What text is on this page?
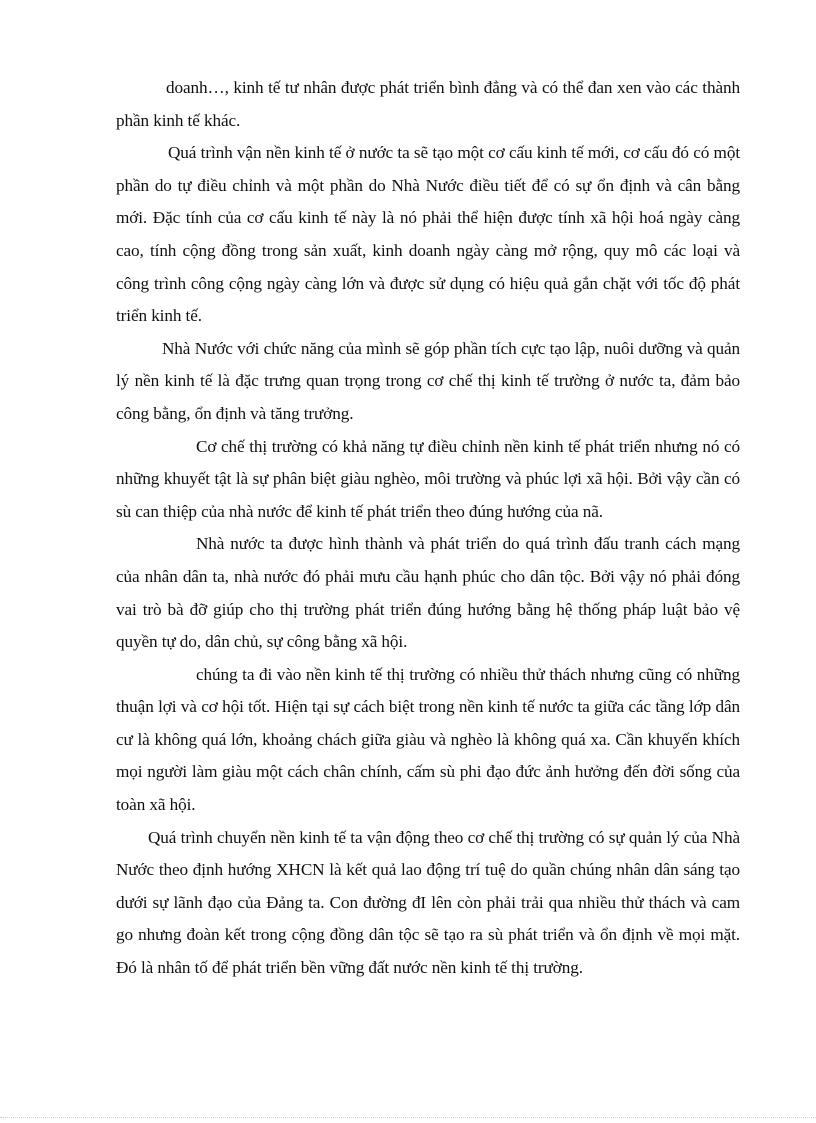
doanh…, kinh tế tư nhân được phát triển bình đẳng và có thể đan xen vào các thành phần kinh tế khác.

Quá trình vận nền kinh tế ở nước ta sẽ tạo một cơ cấu kinh tế mới, cơ cấu đó có một phần do tự điều chỉnh và một phần do Nhà Nước điều tiết để có sự ổn định và cân bằng mới. Đặc tính của cơ cấu kinh tế này là nó phải thể hiện được tính xã hội hoá ngày càng cao, tính cộng đồng trong sản xuất, kinh doanh ngày càng mở rộng, quy mô các loại và công trình công cộng ngày càng lớn và được sử dụng có hiệu quả gắn chặt với tốc độ phát triển kinh tế.

Nhà Nước với chức năng của mình sẽ góp phần tích cực tạo lập, nuôi dưỡng và quản lý nền kinh tế là đặc trưng quan trọng trong cơ chế thị kinh tế trường ở nước ta, đảm bảo công bằng, ổn định và tăng trưởng.

Cơ chế thị trường có khả năng tự điều chỉnh nền kinh tế phát triển nhưng nó có những khuyết tật là sự phân biệt giàu nghèo, môi trường và phúc lợi xã hội. Bởi vậy cần có sù can thiệp của nhà nước để kinh tế phát triển theo đúng hướng của nã.

Nhà nước ta được hình thành và phát triển do quá trình đấu tranh cách mạng của nhân dân ta, nhà nước đó phải mưu cầu hạnh phúc cho dân tộc. Bởi vậy nó phải đóng vai trò bà đỡ giúp cho thị trường phát triển đúng hướng bằng hệ thống pháp luật bảo vệ quyền tự do, dân chủ, sự công bằng xã hội.

chúng ta đi vào nền kinh tế thị trường có nhiều thử thách nhưng cũng có những thuận lợi và cơ hội tốt. Hiện tại sự cách biệt trong nền kinh tế nước ta giữa các tầng lớp dân cư là không quá lớn, khoảng chách giữa giàu và nghèo là không quá xa. Cần khuyến khích mọi người làm giàu một cách chân chính, cấm sù phi đạo đức ảnh hưởng đến đời sống của toàn xã hội.

Quá trình chuyển nền kinh tế ta vận động theo cơ chế thị trường có sự quản lý của Nhà Nước theo định hướng XHCN là kết quả lao động trí tuệ do quần chúng nhân dân sáng tạo dưới sự lãnh đạo của Đảng ta. Con đường đI lên còn phải trải qua nhiều thử thách và cam go nhưng đoàn kết trong cộng đồng dân tộc sẽ tạo ra sù phát triển và ổn định về mọi mặt. Đó là nhân tố để phát triển bền vững đất nước nền kinh tế thị trường.
